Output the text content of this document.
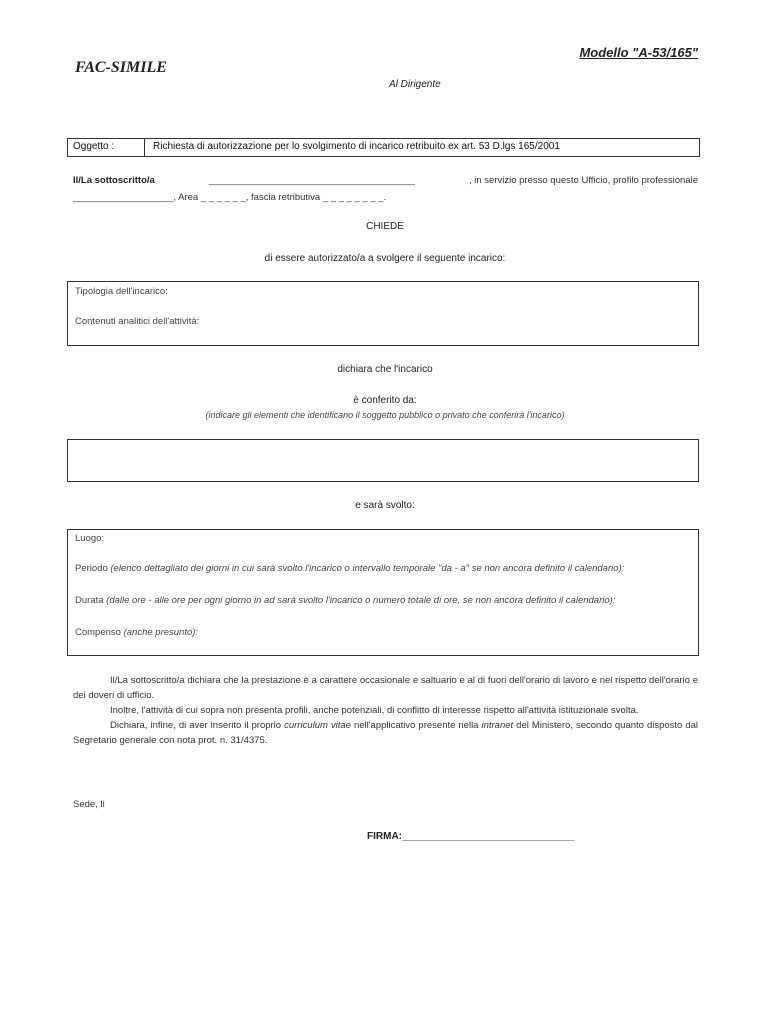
Modello "A-53/165"
FAC-SIMILE
Al Dirigente
Oggetto :	Richiesta di autorizzazione per lo svolgimento di incarico retribuito ex art. 53 D.lgs 165/2001
Il/La sottoscritto/a	_______________________________________	, in servizio presso questo Ufficio, profilo professionale
___________________, Area _ _ _ _ _ _, fascia retributiva _ _ _ _ _ _ _ _.
CHIEDE
di essere autorizzato/a a svolgere il seguente incarico:
Tipologia dell'incarico:
Contenuti analitici dell'attività:
dichiara che l'incarico
è conferito da:
(indicare gli elementi che identificano il soggetto pubblico o privato che conferirà l'incarico)
e sarà svolto:
Luogo:
Periodo (elenco dettagliato dei giorni in cui sarà svolto l'incarico o intervallo temporale "da - a" se non ancora definito il calendario):
Durata (dalle ore - alle ore per ogni giorno in ad sarà svolto l'incarico o numero totale di ore, se non ancora definito il calendario):
Compenso (anche presunto):

Il/La sottoscritto/a dichiara che la prestazione è a carattere occasionale e saltuario e al di fuori dell'orario di lavoro e nel rispetto dell'orario e dei doveri di ufficio.

Inoltre, l'attività di cui sopra non presenta profili, anche potenziali, di conflitto di interesse rispetto all'attività istituzionale svolta.

Dichiara, infine, di aver inserito il proprio curriculum vitae nell'applicativo presente nella intranet del Ministero, secondo quanto disposto dal Segretario generale con nota prot. n. 31/4375.

Sede, li
FIRMA:_______________________________
